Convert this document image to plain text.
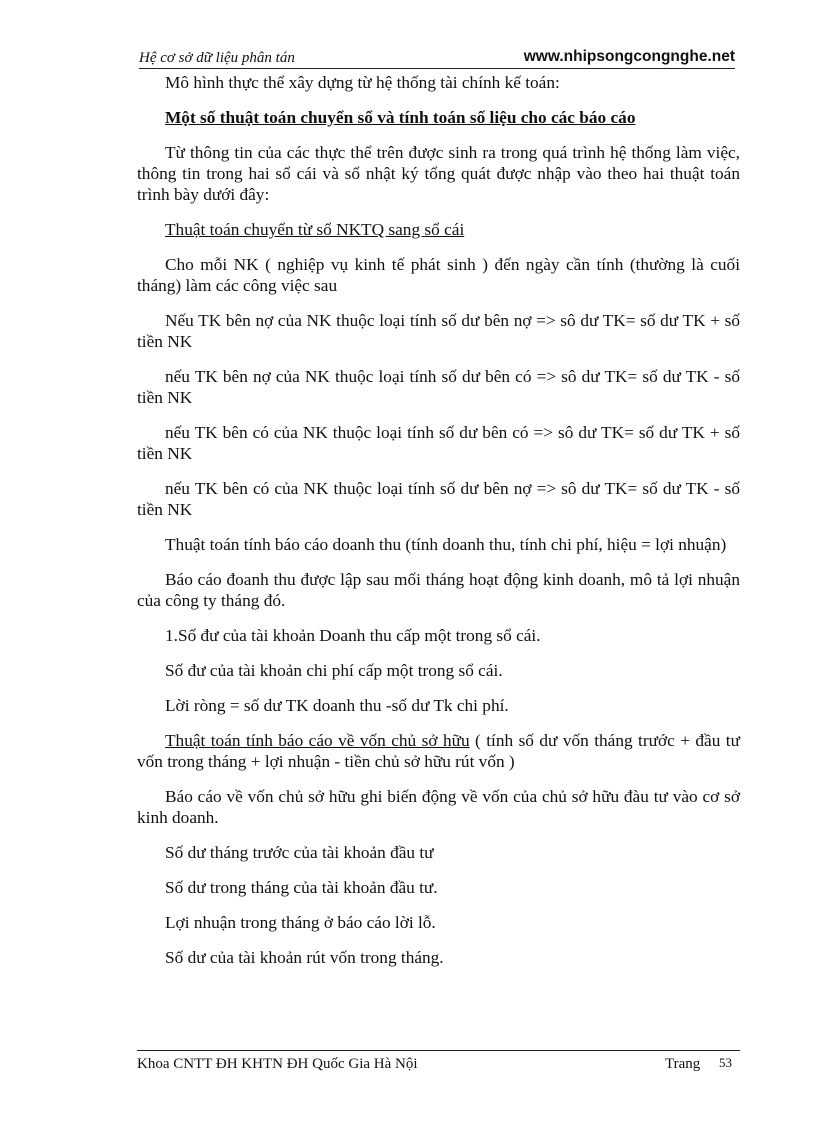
Hệ cơ sở dữ liệu phân tán	www.nhipsongcongnghe.net

Mô hình thực thể xây dựng từ hệ thống tài chính kế toán:

Một số thuật toán chuyển sổ và tính toán số liệu cho các báo cáo

Từ thông tin của các thực thể trên được sinh ra trong quá trình hệ thống làm việc, thông tin trong hai sổ cái và sổ nhật ký tổng quát được nhập vào theo hai thuật toán trình bày dưới đây:

Thuật toán chuyển từ sổ NKTQ sang sổ cái

Cho mỗi NK ( nghiệp vụ kinh tế phát sinh ) đến ngày cần tính (thường là cuối tháng) làm các công việc sau

Nếu TK bên nợ của NK thuộc loại tính số dư bên nợ => sô dư TK= số dư TK + số tiền NK

nếu TK bên nợ của NK thuộc loại tính số dư bên có => sô dư TK= số dư TK - số tiền NK

nếu TK bên có của NK thuộc loại tính số dư bên có => sô dư TK= số dư TK + số tiền NK

nếu TK bên có của NK thuộc loại tính số dư bên nợ => sô dư TK= số dư TK - số tiền NK

Thuật toán tính báo cáo doanh thu (tính doanh thu, tính chi phí, hiệu = lợi nhuận)

Báo cáo đoanh thu được lập sau mối tháng hoạt động kinh doanh, mô tả lợi nhuận của công ty tháng đó.

1.Số đư của tài khoản Doanh thu cấp một trong sổ cái.

Số đư của tài khoản chi phí cấp một trong sổ cái.

Lời ròng = số dư TK doanh thu -số dư Tk chi phí.

Thuật toán tính báo cáo về vốn chủ sở hữu ( tính số dư vốn tháng trước + đầu tư vốn trong tháng + lợi nhuận - tiền chủ sở hữu rút vốn )

Báo cáo về vốn chủ sở hữu ghi biến động về vốn của chủ sở hữu đàu tư vào cơ sở kinh doanh.

Số dư tháng trước của tài khoản đầu tư

Số dư trong tháng của tài khoản đầu tư.

Lợi nhuận trong tháng ở báo cáo lời lỗ.

Số dư của tài khoản rút vốn trong tháng.

Khoa CNTT ĐH KHTN ĐH Quốc Gia Hà Nội	Trang 53
